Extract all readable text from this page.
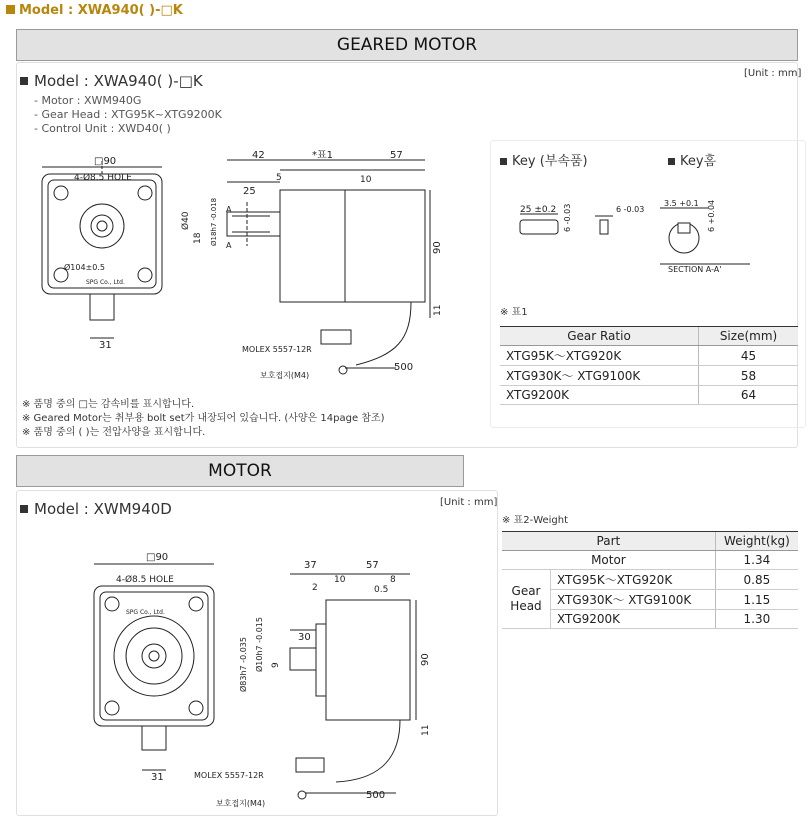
Model : XWA940( )-□K
GEARED MOTOR
Model : XWA940( )-□K	[Unit : mm]
- Motor : XWM940G
- Gear Head : XTG95K~XTG9200K
- Control Unit : XWD40( )
□90
4-Ø8.5 HOLE
Ø104±0.5
SPG Co., Ltd.
31
42	*표1	57
25
5	10
Ø40
18 Ø18h7 -0.018 A
A	90
11
500
MOLEX 5557-12R
보호접지(M4)
※ 품명 중의 □는 감속비를 표시합니다.
※ Geared Motor는 취부용 bolt set가 내장되어 있습니다. (사양은 14page 참조)
※ 품명 중의 ( )는 전압사양을 표시합니다.
Key (부속품)	Key홈
25 ±0.2 6 -0.03	6 -0.03
3.5 +0.1 6 +0.04
SECTION A-A'
※ 표1
Gear Ratio	Size(mm)
XTG95K～XTG920K	45
XTG930K～ XTG9100K	58
XTG9200K	64
MOTOR
Model : XWM940D	[Unit : mm]
□90
4-Ø8.5 HOLE
SPG Co., Ltd.
31
37	57
2
10	8
0.5
30
Ø83h7 -0.035 Ø10h7 -0.015 9	90
11
500
MOLEX 5557-12R
보호접지(M4)
※ 표2-Weight
Part		Weight(kg)
Motor		1.34
Gear Head	XTG95K～XTG920K	0.85
	XTG930K～ XTG9100K	1.15
	XTG9200K	1.30
